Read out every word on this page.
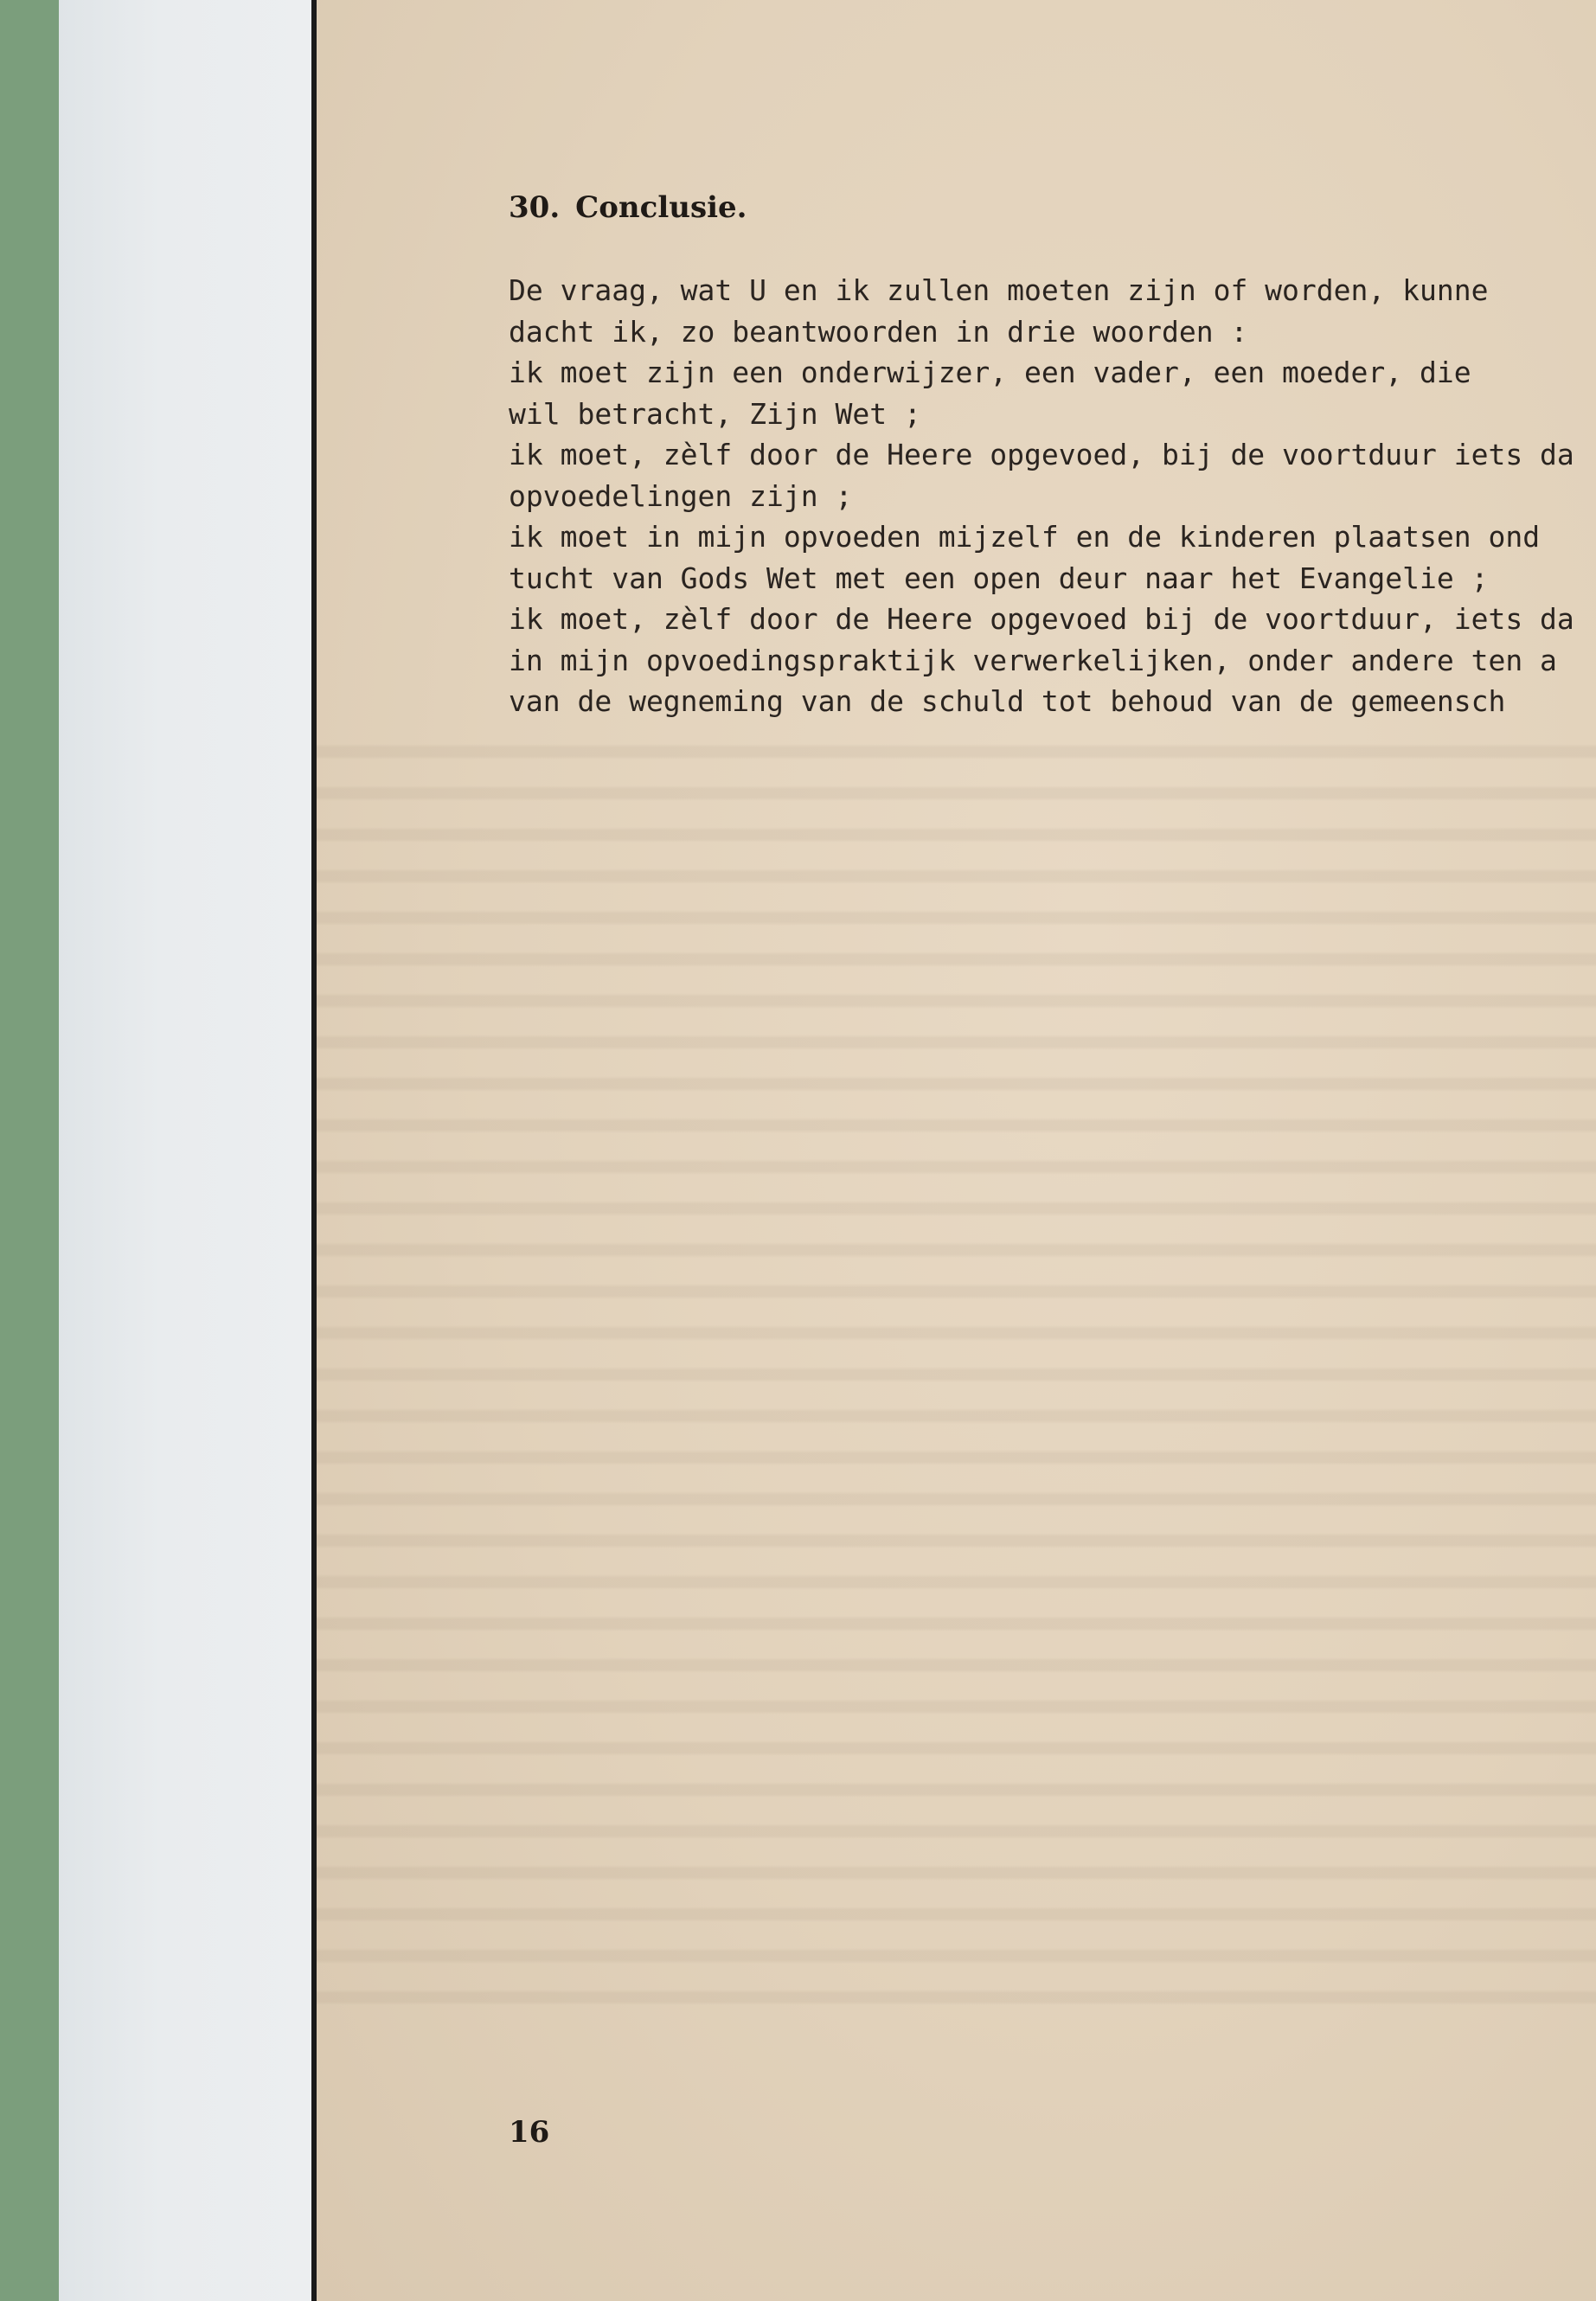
30. Conclusie.
De vraag, wat U en ik zullen moeten zijn of worden, kunne
dacht ik, zo beantwoorden in drie woorden :
ik moet zijn een onderwijzer, een vader, een moeder, die
wil betracht, Zijn Wet ;
ik moet, zèlf door de Heere opgevoed, bij de voortduur iets da
opvoedelingen zijn ;
ik moet in mijn opvoeden mijzelf en de kinderen plaatsen ond
tucht van Gods Wet met een open deur naar het Evangelie ;
ik moet, zèlf door de Heere opgevoed bij de voortduur, iets da
in mijn opvoedingspraktijk verwerkelijken, onder andere ten a
van de wegneming van de schuld tot behoud van de gemeensch
16
